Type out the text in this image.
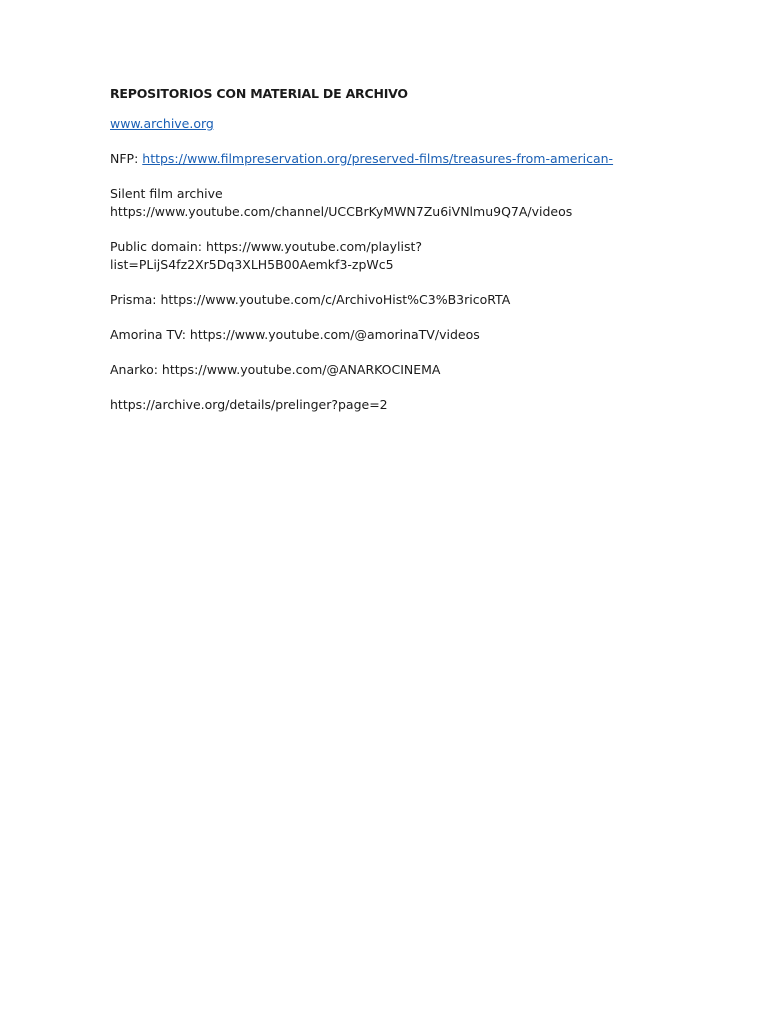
REPOSITORIOS CON MATERIAL DE ARCHIVO
www.archive.org
NFP: https://www.filmpreservation.org/preserved-films/treasures-from-american-
Silent film archive
https://www.youtube.com/channel/UCCBrKyMWN7Zu6iVNlmu9Q7A/videos
Public domain: https://www.youtube.com/playlist?
list=PLijS4fz2Xr5Dq3XLH5B00Aemkf3-zpWc5
Prisma: https://www.youtube.com/c/ArchivoHist%C3%B3ricoRTA
Amorina TV: https://www.youtube.com/@amorinaTV/videos
Anarko: https://www.youtube.com/@ANARKOCINEMA
https://archive.org/details/prelinger?page=2
